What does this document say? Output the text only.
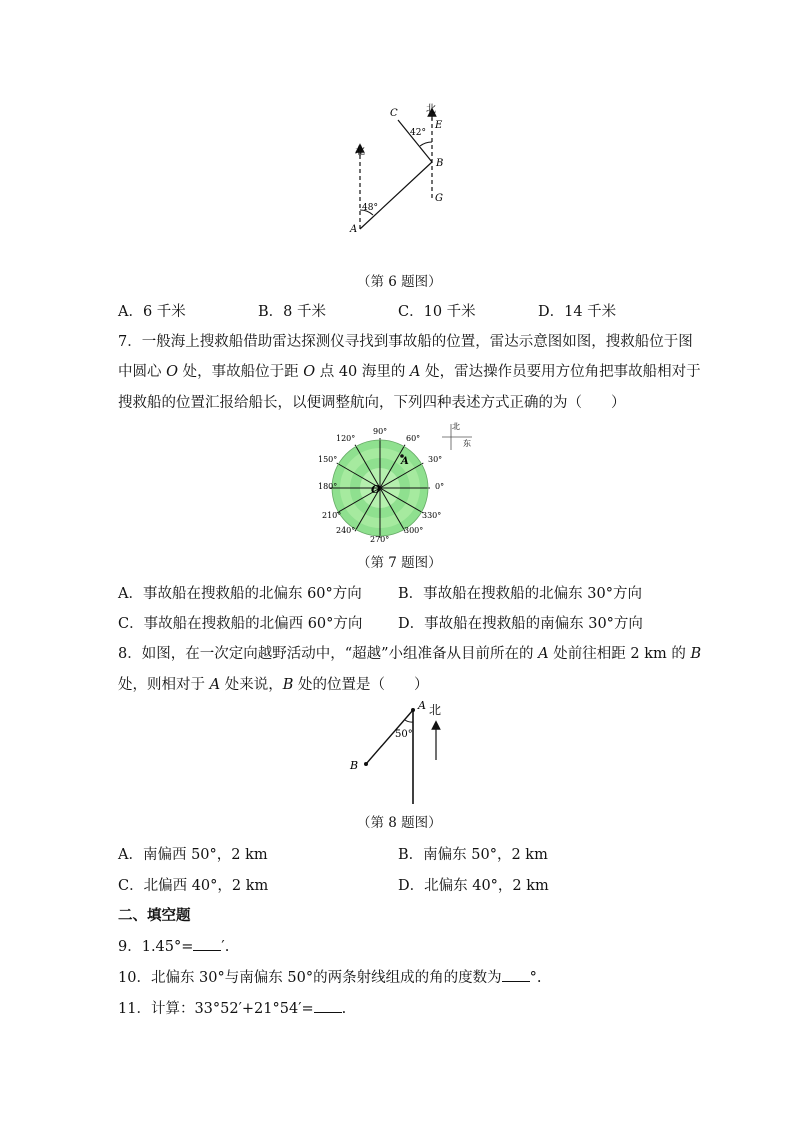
北
北
48°
42°
A
B
C
E
G
（第 6 题图）
A．6 千米	B．8 千米	C．10 千米	D．14 千米
7．一般海上搜救船借助雷达探测仪寻找到事故船的位置，雷达示意图如图，搜救船位于图
中圆心 O 处，事故船位于距 O 点 40 海里的 A 处，雷达操作员要用方位角把事故船相对于
搜救船的位置汇报给船长，以便调整航向，下列四种表述方式正确的为（　　）
90°
60°
120°
30°
150°
180°	0°
210°	330°
240°	300°
270°
O
A
北
东
（第 7 题图）
A．事故船在搜救船的北偏东 60°方向 B．事故船在搜救船的北偏东 30°方向
C．事故船在搜救船的北偏西 60°方向 D．事故船在搜救船的南偏东 30°方向
8．如图，在一次定向越野活动中，“超越”小组准备从目前所在的 A 处前往相距 2 km 的 B
处，则相对于 A 处来说，B 处的位置是（　　）
50°
A
B
北
（第 8 题图）
A．南偏西 50°，2 km	B．南偏东 50°，2 km
C．北偏西 40°，2 km	D．北偏东 40°，2 km
二、填空题
9．1.45°= ′.
10．北偏东 30°与南偏东 50°的两条射线组成的角的度数为 °.
11．计算：33°52′+21°54′= .
